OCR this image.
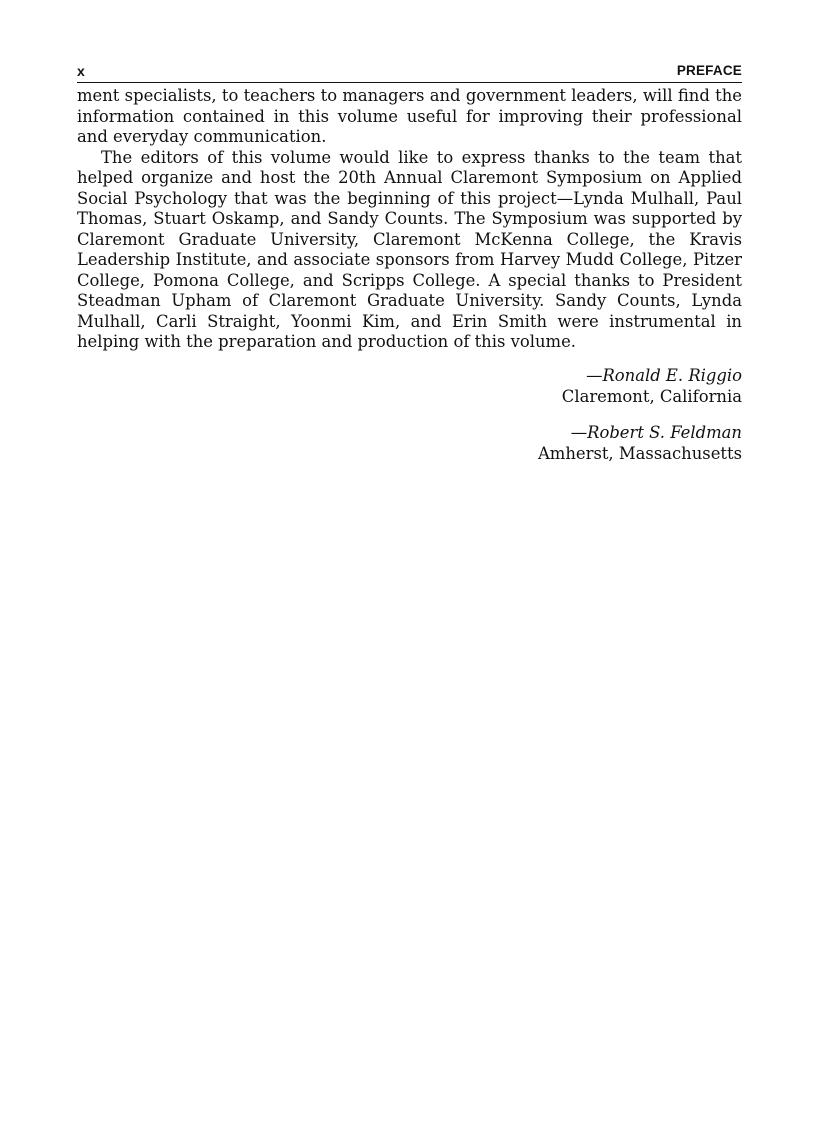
x	PREFACE

ment specialists, to teachers to managers and government leaders, will find the information contained in this volume useful for improving their professional and everyday communication.

The editors of this volume would like to express thanks to the team that helped organize and host the 20th Annual Claremont Symposium on Applied Social Psychology that was the beginning of this project—Lynda Mulhall, Paul Thomas, Stuart Oskamp, and Sandy Counts. The Symposium was supported by Claremont Graduate University, Claremont McKenna College, the Kravis Leadership Institute, and associate sponsors from Harvey Mudd College, Pitzer College, Pomona College, and Scripps College. A special thanks to President Steadman Upham of Claremont Graduate University. Sandy Counts, Lynda Mulhall, Carli Straight, Yoonmi Kim, and Erin Smith were instrumental in helping with the preparation and production of this volume.

—Ronald E. Riggio
Claremont, California
—Robert S. Feldman
Amherst, Massachusetts
